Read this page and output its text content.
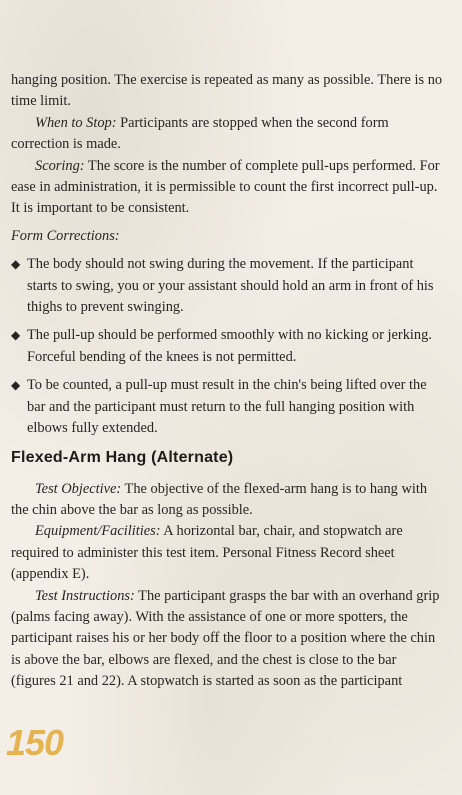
hanging position. The exercise is repeated as many as possible. There is no time limit.

When to Stop: Participants are stopped when the second form correction is made.

Scoring: The score is the number of complete pull-ups performed. For ease in administration, it is permissible to count the first incorrect pull-up. It is important to be consistent.

Form Corrections:

◆ The body should not swing during the movement. If the participant starts to swing, you or your assistant should hold an arm in front of his thighs to prevent swinging.
◆ The pull-up should be performed smoothly with no kicking or jerking. Forceful bending of the knees is not permitted.
◆ To be counted, a pull-up must result in the chin's being lifted over the bar and the participant must return to the full hanging position with elbows fully extended.
Flexed-Arm Hang (Alternate)

Test Objective: The objective of the flexed-arm hang is to hang with the chin above the bar as long as possible.

Equipment/Facilities: A horizontal bar, chair, and stopwatch are required to administer this test item. Personal Fitness Record sheet (appendix E).

Test Instructions: The participant grasps the bar with an overhand grip (palms facing away). With the assistance of one or more spotters, the participant raises his or her body off the floor to a position where the chin is above the bar, elbows are flexed, and the chest is close to the bar (figures 21 and 22). A stopwatch is started as soon as the participant

150
